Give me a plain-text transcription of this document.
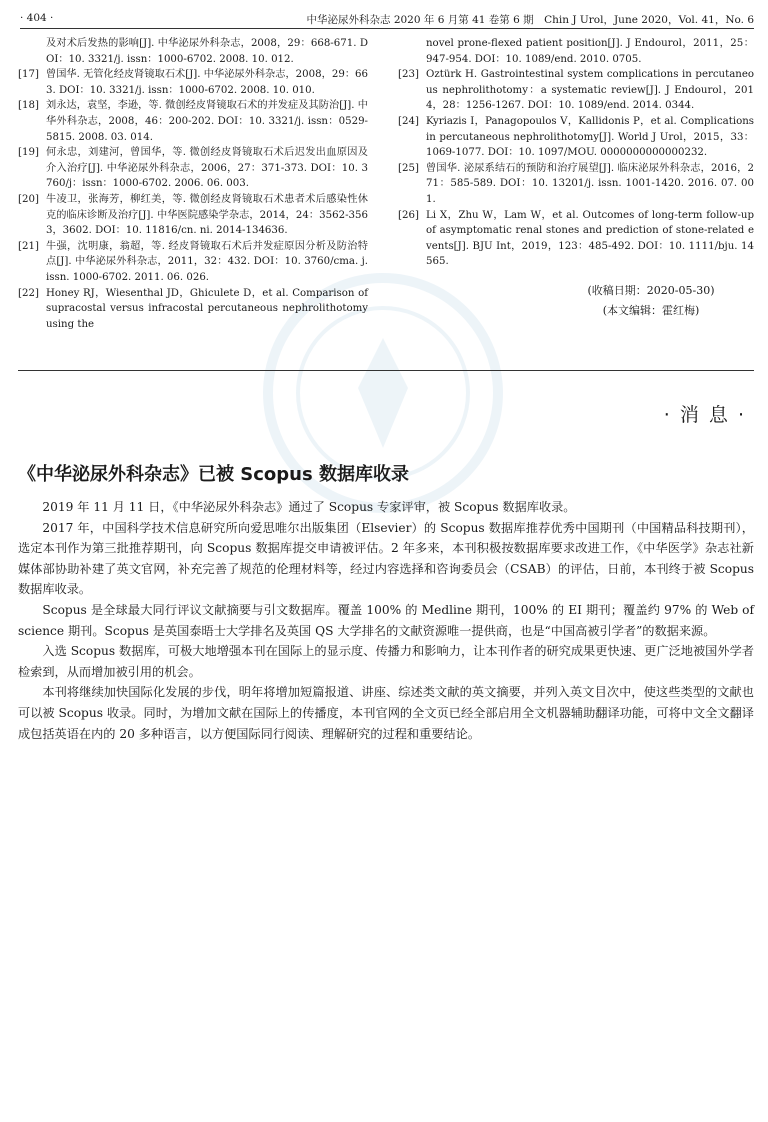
· 404 ·	中华泌尿外科杂志 2020 年 6 月第 41 卷第 6 期　Chin J Urol，June 2020，Vol. 41，No. 6
及对术后发热的影响[J]. 中华泌尿外科杂志，2008，29：668-671. DOI：10. 3321/j. issn：1000-6702. 2008. 10. 012.
[17] 曾国华. 无管化经皮肾镜取石术[J]. 中华泌尿外科杂志，2008，29：663. DOI：10. 3321/j. issn：1000-6702. 2008. 10. 010.
[18] 刘永达，袁坚，李逊，等. 微创经皮肾镜取石术的并发症及其防治[J]. 中华外科杂志，2008，46：200-202. DOI：10. 3321/j. issn：0529-5815. 2008. 03. 014.
[19] 何永忠，刘建河，曾国华，等. 微创经皮肾镜取石术后迟发出血原因及介入治疗[J]. 中华泌尿外科杂志，2006，27：371-373. DOI：10. 3760/j：issn：1000-6702. 2006. 06. 003.
[20] 牛凌卫，张海芳，柳红美，等. 微创经皮肾镜取石术患者术后感染性休克的临床诊断及治疗[J]. 中华医院感染学杂志，2014，24：3562-3563，3602. DOI：10. 11816/cn. ni. 2014-134636.
[21] 牛强，沈明康，翁超，等. 经皮肾镜取石术后并发症原因分析及防治特点[J]. 中华泌尿外科杂志，2011，32：432. DOI：10. 3760/cma. j. issn. 1000-6702. 2011. 06. 026.
[22] Honey RJ，Wiesenthal JD，Ghiculete D，et al. Comparison of supracostal versus infracostal percutaneous nephrolithotomy using the
novel prone-flexed patient position[J]. J Endourol，2011，25：947-954. DOI：10. 1089/end. 2010. 0705.
[23] Oztürk H. Gastrointestinal system complications in percutaneous nephrolithotomy：a systematic review[J]. J Endourol，2014，28：1256-1267. DOI：10. 1089/end. 2014. 0344.
[24] Kyriazis I，Panagopoulos V，Kallidonis P，et al. Complications in percutaneous nephrolithotomy[J]. World J Urol，2015，33：1069-1077. DOI：10. 1097/MOU. 0000000000000232.
[25] 曾国华. 泌尿系结石的预防和治疗展望[J]. 临床泌尿外科杂志，2016，271：585-589. DOI：10. 13201/j. issn. 1001-1420. 2016. 07. 001.
[26] Li X，Zhu W，Lam W，et al. Outcomes of long-term follow-up of asymptomatic renal stones and prediction of stone-related events[J]. BJU Int，2019，123：485-492. DOI：10. 1111/bju. 14565.
(收稿日期：2020-05-30)
(本文编辑：霍红梅)
· 消 息 ·
《中华泌尿外科杂志》已被 Scopus 数据库收录

2019 年 11 月 11 日，《中华泌尿外科杂志》通过了 Scopus 专家评审，被 Scopus 数据库收录。

2017 年，中国科学技术信息研究所向爱思唯尔出版集团（Elsevier）的 Scopus 数据库推荐优秀中国期刊（中国精品科技期刊），选定本刊作为第三批推荐期刊，向 Scopus 数据库提交申请被评估。2 年多来，本刊积极按数据库要求改进工作，《中华医学》杂志社新媒体部协助补建了英文官网，补充完善了规范的伦理材料等，经过内容选择和咨询委员会（CSAB）的评估，日前，本刊终于被 Scopus 数据库收录。

Scopus 是全球最大同行评议文献摘要与引文数据库。覆盖 100% 的 Medline 期刊，100% 的 EI 期刊；覆盖约 97% 的 Web of science 期刊。Scopus 是英国泰晤士大学排名及英国 QS 大学排名的文献资源唯一提供商，也是“中国高被引学者”的数据来源。

入选 Scopus 数据库，可极大地增强本刊在国际上的显示度、传播力和影响力，让本刊作者的研究成果更快速、更广泛地被国外学者检索到，从而增加被引用的机会。

本刊将继续加快国际化发展的步伐，明年将增加短篇报道、讲座、综述类文献的英文摘要，并列入英文目次中，使这些类型的文献也可以被 Scopus 收录。同时，为增加文献在国际上的传播度，本刊官网的全文页已经全部启用全文机器辅助翻译功能，可将中文全文翻译成包括英语在内的 20 多种语言，以方便国际同行阅读、理解研究的过程和重要结论。
